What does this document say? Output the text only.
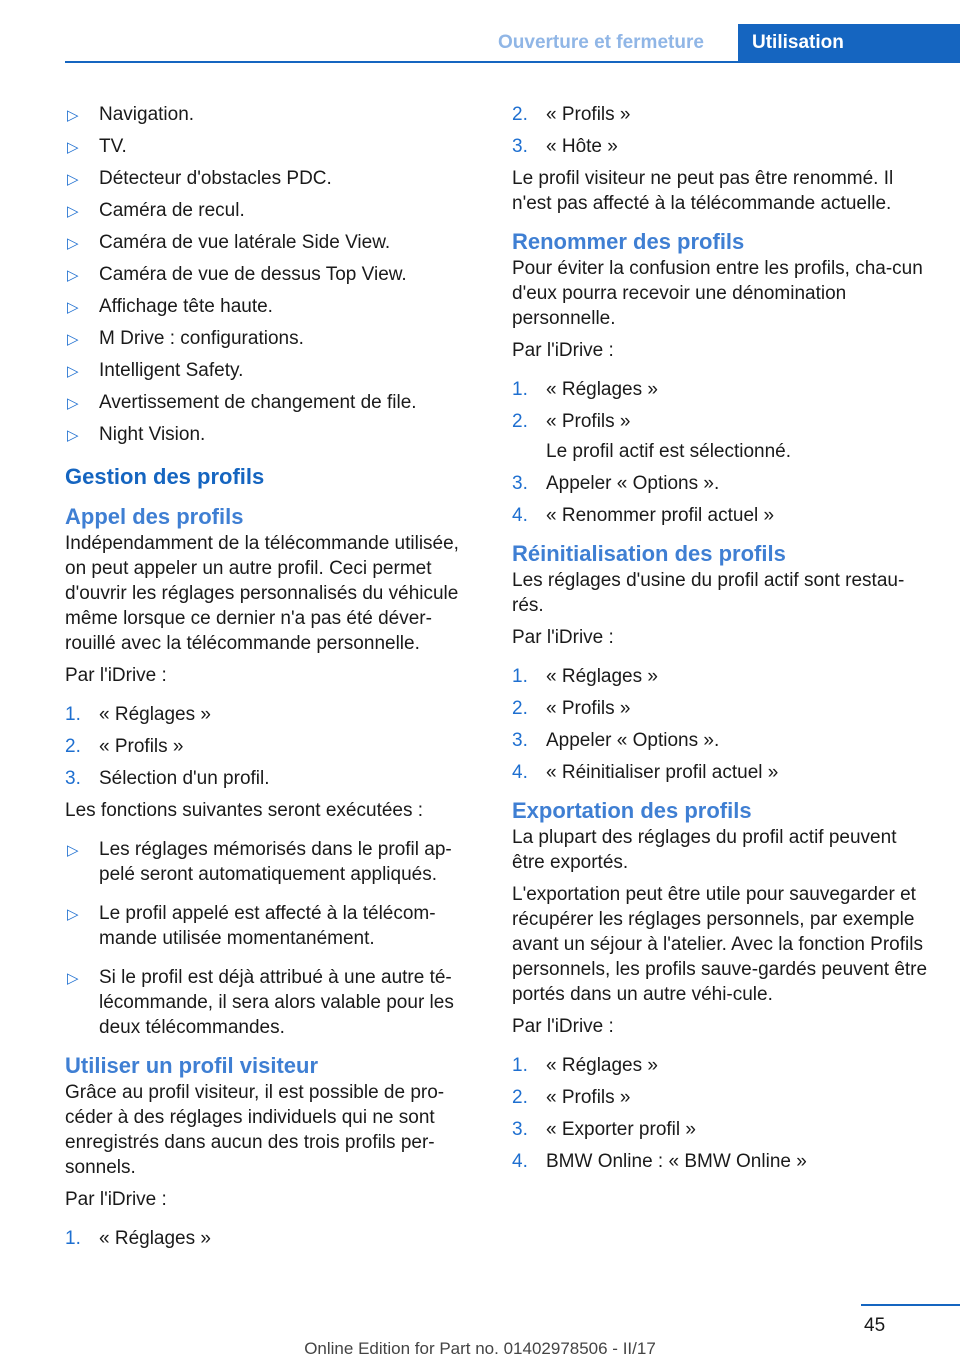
Ouverture et fermeture	Utilisation
▷ Navigation.
▷ TV.
▷ Détecteur d'obstacles PDC.
▷ Caméra de recul.
▷ Caméra de vue latérale Side View.
▷ Caméra de vue de dessus Top View.
▷ Affichage tête haute.
▷ M Drive : configurations.
▷ Intelligent Safety.
▷ Avertissement de changement de file.
▷ Night Vision.
Gestion des profils
Appel des profils

Indépendamment de la télécommande utilisée, on peut appeler un autre profil. Ceci permet d'ouvrir les réglages personnalisés du véhicule même lorsque ce dernier n'a pas été déver‐rouillé avec la télécommande personnelle.

Par l'iDrive :

1. « Réglages »
2. « Profils »
3. Sélection d'un profil.

Les fonctions suivantes seront exécutées :

▷ Les réglages mémorisés dans le profil ap‐pelé seront automatiquement appliqués.
▷ Le profil appelé est affecté à la télécom‐mande utilisée momentanément.
▷ Si le profil est déjà attribué à une autre té‐lécommande, il sera alors valable pour les deux télécommandes.
Utiliser un profil visiteur

Grâce au profil visiteur, il est possible de pro‐céder à des réglages individuels qui ne sont enregistrés dans aucun des trois profils per‐sonnels.

Par l'iDrive :

1. « Réglages »
2. « Profils »
3. « Hôte »

Le profil visiteur ne peut pas être renommé. Il n'est pas affecté à la télécommande actuelle.

Renommer des profils

Pour éviter la confusion entre les profils, cha‐cun d'eux pourra recevoir une dénomination personnelle.

Par l'iDrive :

1. « Réglages »
2. « Profils »
Le profil actif est sélectionné.
3. Appeler « Options ».
4. « Renommer profil actuel »
Réinitialisation des profils

Les réglages d'usine du profil actif sont restau‐rés.

Par l'iDrive :

1. « Réglages »
2. « Profils »
3. Appeler « Options ».
4. « Réinitialiser profil actuel »
Exportation des profils

La plupart des réglages du profil actif peuvent être exportés.

L'exportation peut être utile pour sauvegarder et récupérer les réglages personnels, par exemple avant un séjour à l'atelier. Avec la fonction Profils personnels, les profils sauve‐gardés peuvent être portés dans un autre véhi‐cule.

Par l'iDrive :

1. « Réglages »
2. « Profils »
3. « Exporter profil »
4. BMW Online : « BMW Online »
45
Online Edition for Part no. 01402978506 - II/17
